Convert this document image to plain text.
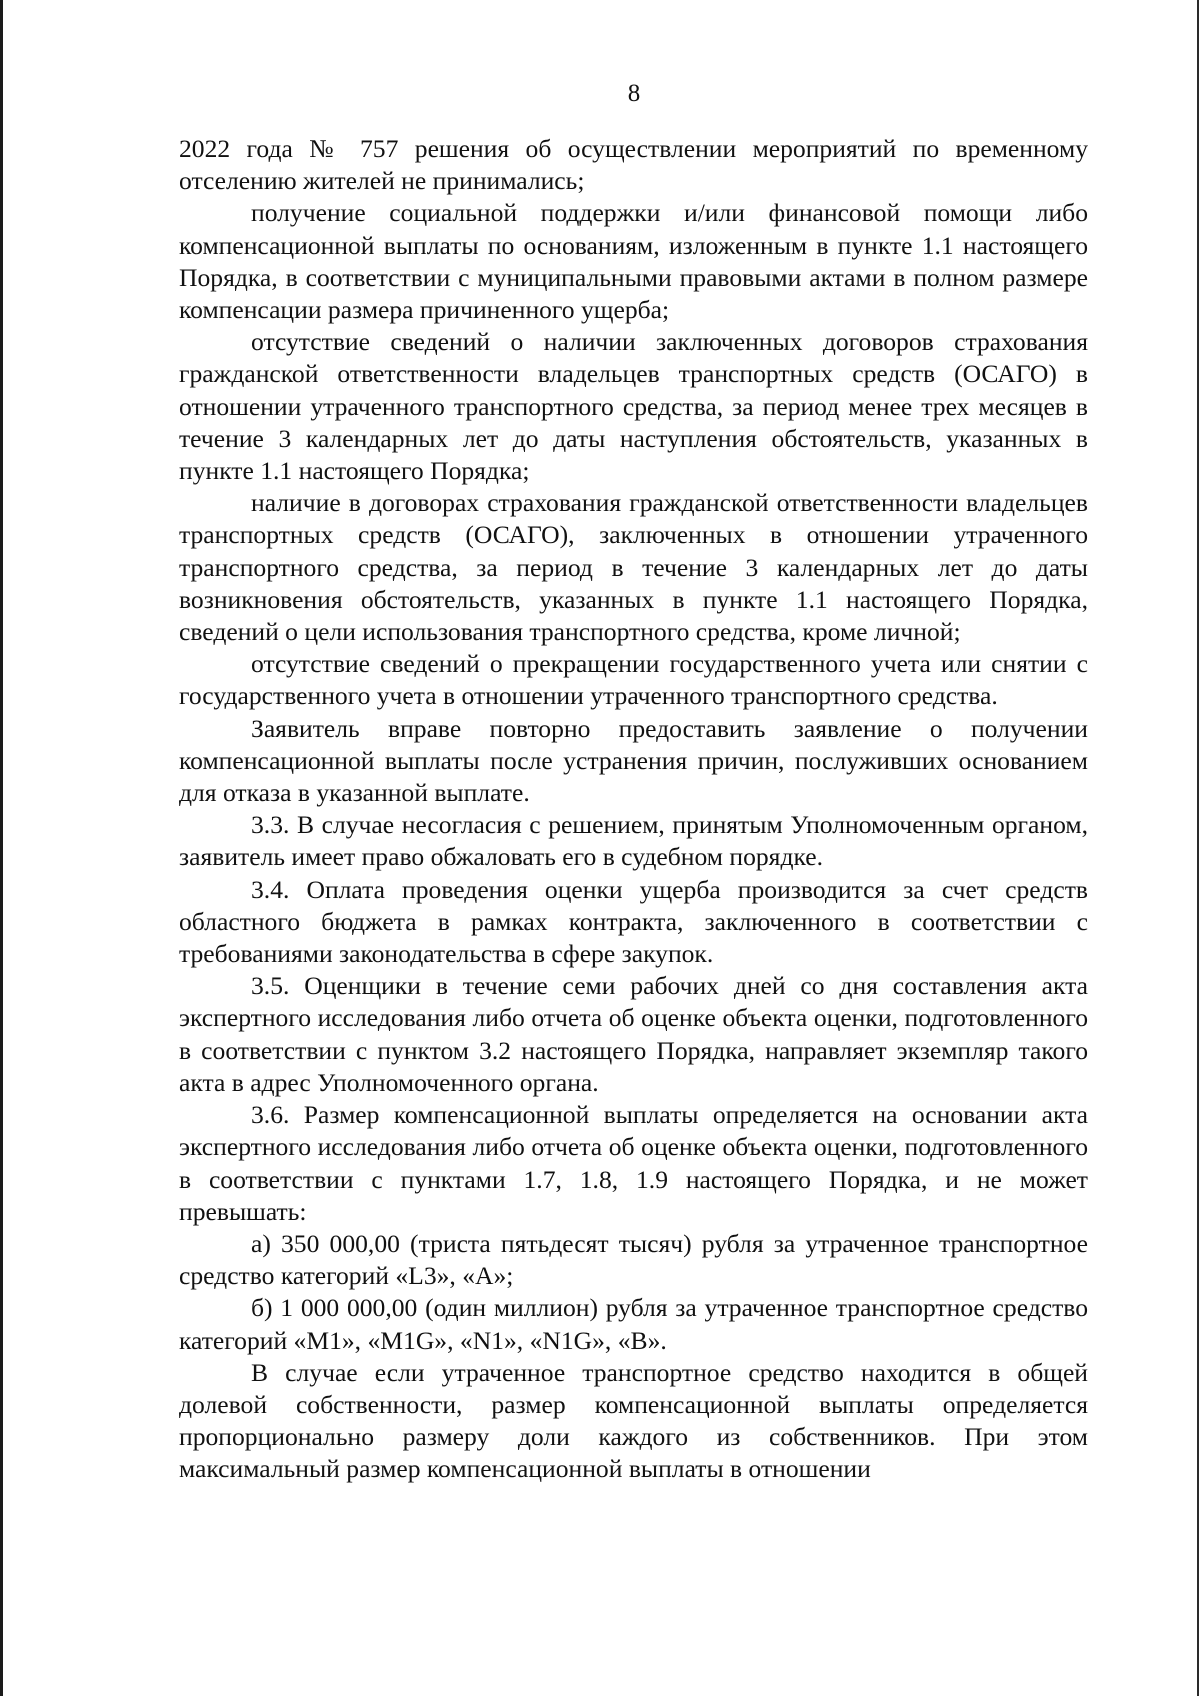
8

2022 года № 757 решения об осуществлении мероприятий по временному отселению жителей не принимались;

получение социальной поддержки и/или финансовой помощи либо компенсационной выплаты по основаниям, изложенным в пункте 1.1 настоящего Порядка, в соответствии с муниципальными правовыми актами в полном размере компенсации размера причиненного ущерба;

отсутствие сведений о наличии заключенных договоров страхования гражданской ответственности владельцев транспортных средств (ОСАГО) в отношении утраченного транспортного средства, за период менее трех месяцев в течение 3 календарных лет до даты наступления обстоятельств, указанных в пункте 1.1 настоящего Порядка;

наличие в договорах страхования гражданской ответственности владельцев транспортных средств (ОСАГО), заключенных в отношении утраченного транспортного средства, за период в течение 3 календарных лет до даты возникновения обстоятельств, указанных в пункте 1.1 настоящего Порядка, сведений о цели использования транспортного средства, кроме личной;

отсутствие сведений о прекращении государственного учета или снятии с государственного учета в отношении утраченного транспортного средства.

Заявитель вправе повторно предоставить заявление о получении компенсационной выплаты после устранения причин, послуживших основанием для отказа в указанной выплате.

3.3. В случае несогласия с решением, принятым Уполномоченным органом, заявитель имеет право обжаловать его в судебном порядке.

3.4. Оплата проведения оценки ущерба производится за счет средств областного бюджета в рамках контракта, заключенного в соответствии с требованиями законодательства в сфере закупок.

3.5. Оценщики в течение семи рабочих дней со дня составления акта экспертного исследования либо отчета об оценке объекта оценки, подготовленного в соответствии с пунктом 3.2 настоящего Порядка, направляет экземпляр такого акта в адрес Уполномоченного органа.

3.6. Размер компенсационной выплаты определяется на основании акта экспертного исследования либо отчета об оценке объекта оценки, подготовленного в соответствии с пунктами 1.7, 1.8, 1.9 настоящего Порядка, и не может превышать:

а) 350 000,00 (триста пятьдесят тысяч) рубля за утраченное транспортное средство категорий «L3», «А»;

б) 1 000 000,00 (один миллион) рубля за утраченное транспортное средство категорий «М1», «M1G», «N1», «N1G», «В».

В случае если утраченное транспортное средство находится в общей долевой собственности, размер компенсационной выплаты определяется пропорционально размеру доли каждого из собственников. При этом максимальный размер компенсационной выплаты в отношении
